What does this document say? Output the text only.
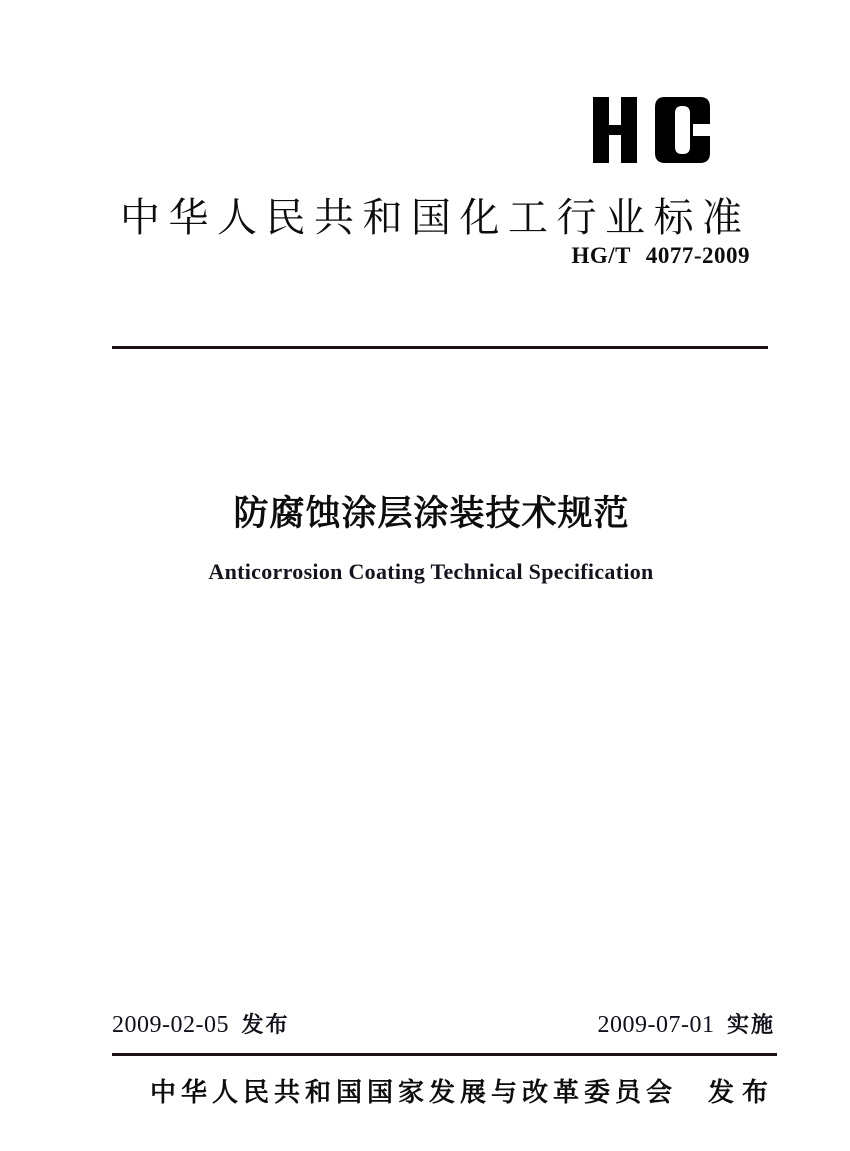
中华人民共和国化工行业标准
HG/T 4077-2009
防腐蚀涂层涂装技术规范
Anticorrosion Coating Technical Specification
2009-02-05 发布	2009-07-01 实施
中华人民共和国国家发展与改革委员会 发布
